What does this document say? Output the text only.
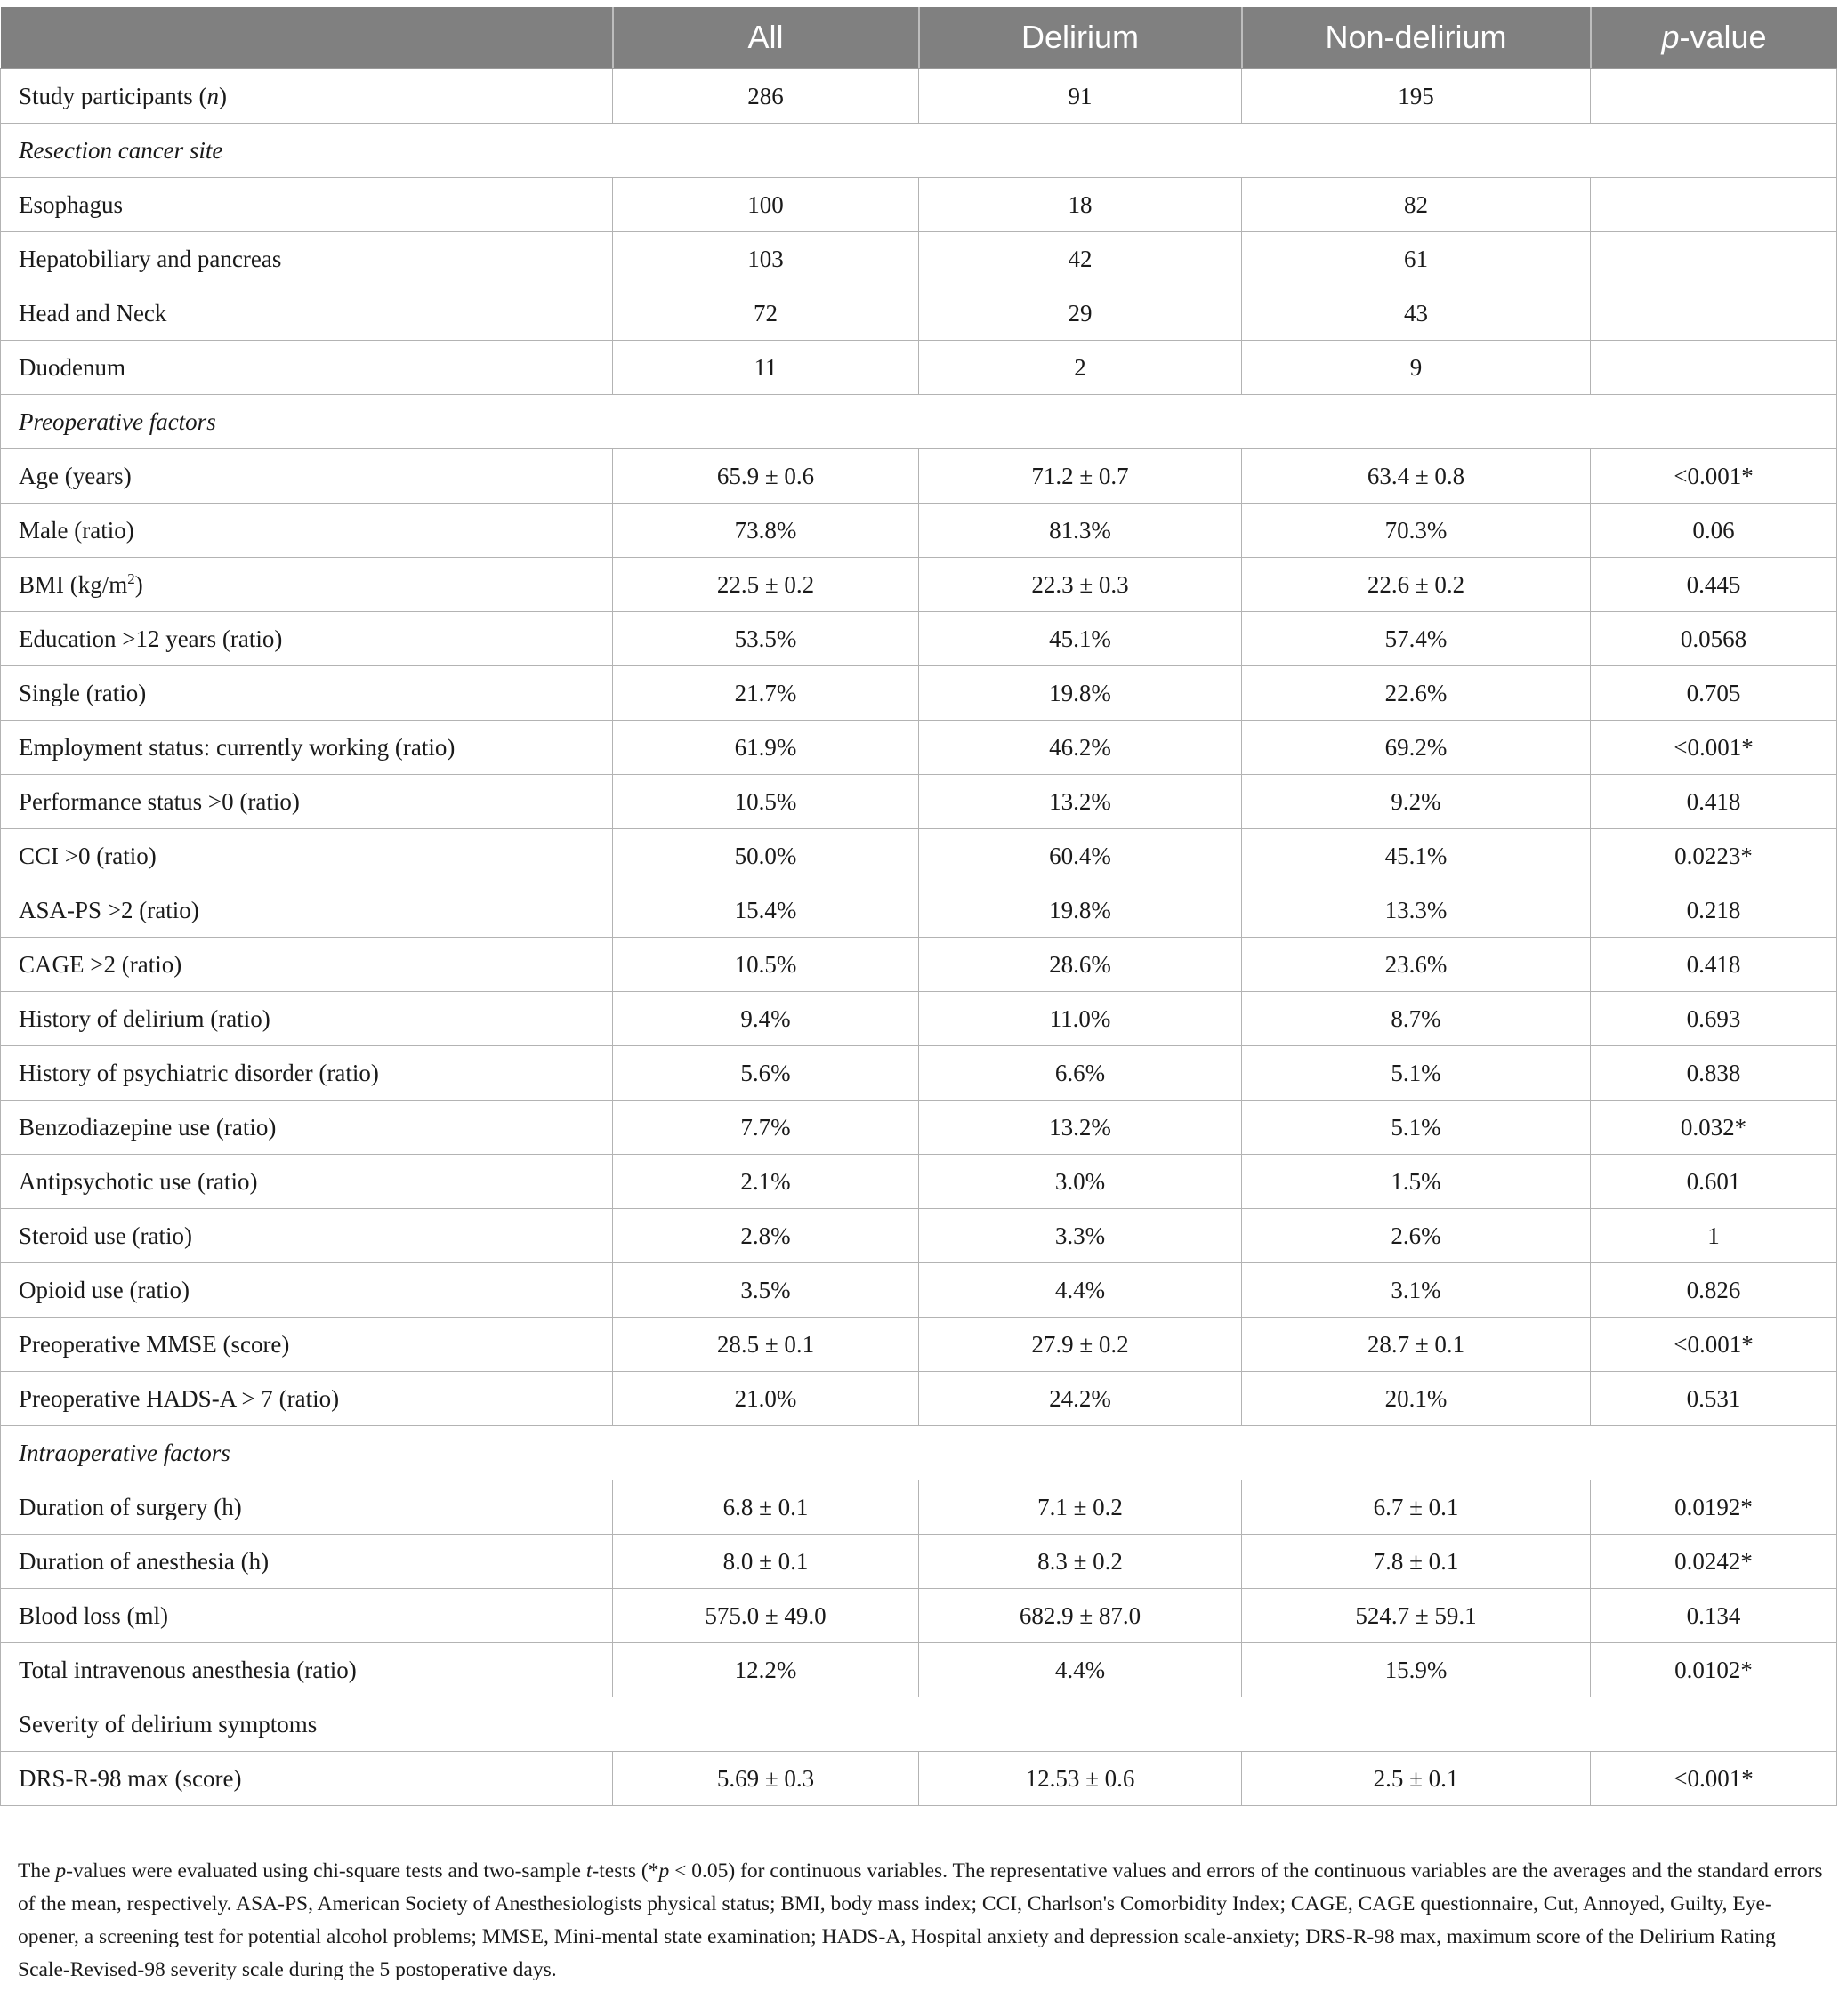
	All	Delirium	Non-delirium	p-value
Study participants (n)	286	91	195	
Resection cancer site				
Esophagus	100	18	82	
Hepatobiliary and pancreas	103	42	61	
Head and Neck	72	29	43	
Duodenum	11	2	9	
Preoperative factors				
Age (years)	65.9 ± 0.6	71.2 ± 0.7	63.4 ± 0.8	<0.001*
Male (ratio)	73.8%	81.3%	70.3%	0.06
BMI $(kg/m^2)$	22.5 ± 0.2	22.3 ± 0.3	22.6 ± 0.2	0.445
Education >12 years (ratio)	53.5%	45.1%	57.4%	0.0568
Single (ratio)	21.7%	19.8%	22.6%	0.705
Employment status: currently working (ratio)	61.9%	46.2%	69.2%	<0.001*
Performance status >0 (ratio)	10.5%	13.2%	9.2%	0.418
CCI >0 (ratio)	50.0%	60.4%	45.1%	0.0223*
ASA-PS >2 (ratio)	15.4%	19.8%	13.3%	0.218
CAGE >2 (ratio)	10.5%	28.6%	23.6%	0.418
History of delirium (ratio)	9.4%	11.0%	8.7%	0.693
History of psychiatric disorder (ratio)	5.6%	6.6%	5.1%	0.838
Benzodiazepine use (ratio)	7.7%	13.2%	5.1%	0.032*
Antipsychotic use (ratio)	2.1%	3.0%	1.5%	0.601
Steroid use (ratio)	2.8%	3.3%	2.6%	1
Opioid use (ratio)	3.5%	4.4%	3.1%	0.826
Preoperative MMSE (score)	28.5 ± 0.1	27.9 ± 0.2	28.7 ± 0.1	<0.001*
Preoperative HADS-A > 7 (ratio)	21.0%	24.2%	20.1%	0.531
Intraoperative factors				
Duration of surgery (h)	6.8 ± 0.1	7.1 ± 0.2	6.7 ± 0.1	0.0192*
Duration of anesthesia (h)	8.0 ± 0.1	8.3 ± 0.2	7.8 ± 0.1	0.0242*
Blood loss (ml)	575.0 ± 49.0	682.9 ± 87.0	524.7 ± 59.1	0.134
Total intravenous anesthesia (ratio)	12.2%	4.4%	15.9%	0.0102*
Severity of delirium symptoms				
DRS-R-98 max (score)	5.69 ± 0.3	12.53 ± 0.6	2.5 ± 0.1	<0.001*
The p-values were evaluated using chi-square tests and two-sample t-tests (*p < 0.05) for continuous variables. The representative values and errors of the continuous variables are the averages and the standard errors of the mean, respectively. ASA-PS, American Society of Anesthesiologists physical status; BMI, body mass index; CCI, Charlson's Comorbidity Index; CAGE, CAGE questionnaire, Cut, Annoyed, Guilty, Eye-opener, a screening test for potential alcohol problems; MMSE, Mini-mental state examination; HADS-A, Hospital anxiety and depression scale-anxiety; DRS-R-98 max, maximum score of the Delirium Rating Scale-Revised-98 severity scale during the 5 postoperative days.
